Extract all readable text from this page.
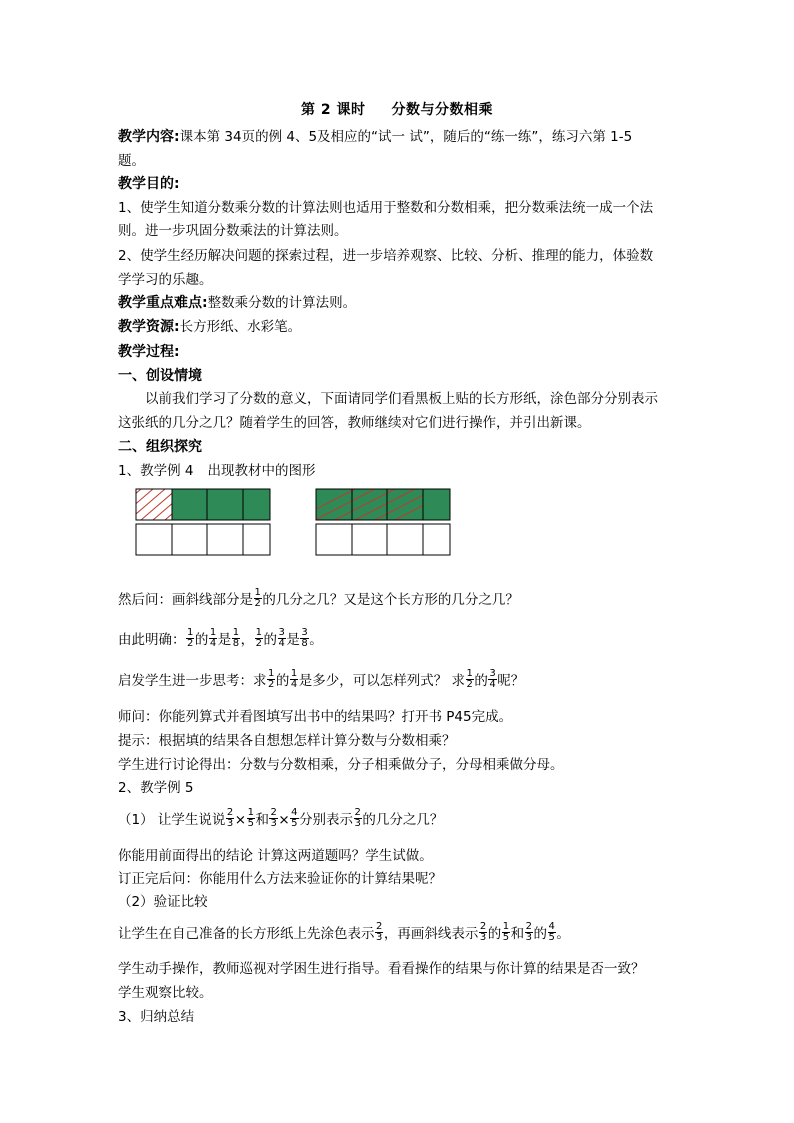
第 2 课时 分数与分数相乘
教学内容:课本第 34页的例 4、5及相应的“试一 试”，随后的“练一练”，练习六第 1-5
题。
教学目的:
1、使学生知道分数乘分数的计算法则也适用于整数和分数相乘，把分数乘法统一成一个法
则。进一步巩固分数乘法的计算法则。
2、使学生经历解决问题的探索过程，进一步培养观察、比较、分析、推理的能力，体验数
学学习的乐趣。
教学重点难点:整数乘分数的计算法则。
教学资源:长方形纸、水彩笔。
教学过程:
一、创设情境
以前我们学习了分数的意义，下面请同学们看黑板上贴的长方形纸，涂色部分分别表示
这张纸的几分之几？随着学生的回答，教师继续对它们进行操作，并引出新课。
二、组织探究
1、教学例 4 出现教材中的图形
然后问：画斜线部分是 $\frac{1}{2}$ 的几分之几？又是这个长方形的几分之几？
由此明确： $\frac{1}{2}$ 的 $\frac{1}{4}$ 是 $\frac{1}{8}$ ， $\frac{1}{2}$ 的 $\frac{3}{4}$ 是 $\frac{3}{8}$ 。
启发学生进一步思考：求 $\frac{1}{2}$ 的 $\frac{1}{4}$ 是多少，可以怎样列式？ 求 $\frac{1}{2}$ 的 $\frac{3}{4}$ 呢？
师问：你能列算式并看图填写出书中的结果吗？打开书 P45完成。
提示：根据填的结果各自想想怎样计算分数与分数相乘？
学生进行讨论得出：分数与分数相乘，分子相乘做分子，分母相乘做分母。
2、教学例 5
（1） 让学生说说 $\frac{2}{3} \times \frac{1}{5}$ 和 $\frac{2}{3} \times \frac{4}{5}$ 分别表示 $\frac{2}{3}$ 的几分之几？
你能用前面得出的结论 计算这两道题吗？学生试做。
订正完后问：你能用什么方法来验证你的计算结果呢？
（2）验证比较
让学生在自己准备的长方形纸上先涂色表示 $\frac{2}{3}$ ，再画斜线表示 $\frac{2}{3}$ 的 $\frac{1}{5}$ 和 $\frac{2}{3}$ 的 $\frac{4}{5}$ 。
学生动手操作，教师巡视对学困生进行指导。看看操作的结果与你计算的结果是否一致？
学生观察比较。
3、归纳总结
